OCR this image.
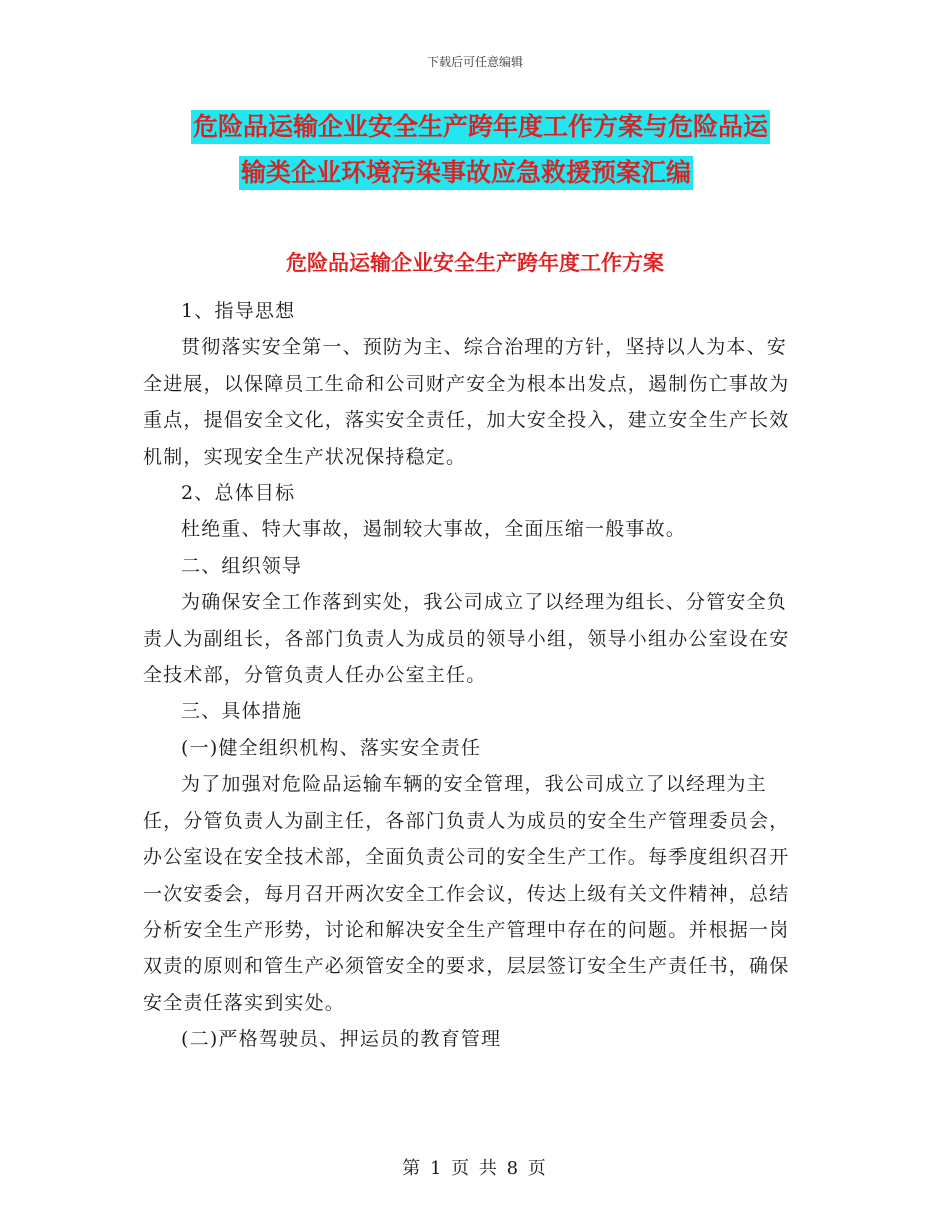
下载后可任意编辑
危险品运输企业安全生产跨年度工作方案与危险品运
输类企业环境污染事故应急救援预案汇编
危险品运输企业安全生产跨年度工作方案

1、指导思想

贯彻落实安全第一、预防为主、综合治理的方针，坚持以人为本、安全进展，以保障员工生命和公司财产安全为根本出发点，遏制伤亡事故为重点，提倡安全文化，落实安全责任，加大安全投入，建立安全生产长效机制，实现安全生产状况保持稳定。

2、总体目标

杜绝重、特大事故，遏制较大事故，全面压缩一般事故。

二、组织领导

为确保安全工作落到实处，我公司成立了以经理为组长、分管安全负责人为副组长，各部门负责人为成员的领导小组，领导小组办公室设在安全技术部，分管负责人任办公室主任。

三、具体措施

(一)健全组织机构、落实安全责任

为了加强对危险品运输车辆的安全管理，我公司成立了以经理为主任，分管负责人为副主任，各部门负责人为成员的安全生产管理委员会，办公室设在安全技术部，全面负责公司的安全生产工作。每季度组织召开一次安委会，每月召开两次安全工作会议，传达上级有关文件精神，总结分析安全生产形势，讨论和解决安全生产管理中存在的问题。并根据一岗双责的原则和管生产必须管安全的要求，层层签订安全生产责任书，确保安全责任落实到实处。

(二)严格驾驶员、押运员的教育管理

第 1 页 共 8 页
